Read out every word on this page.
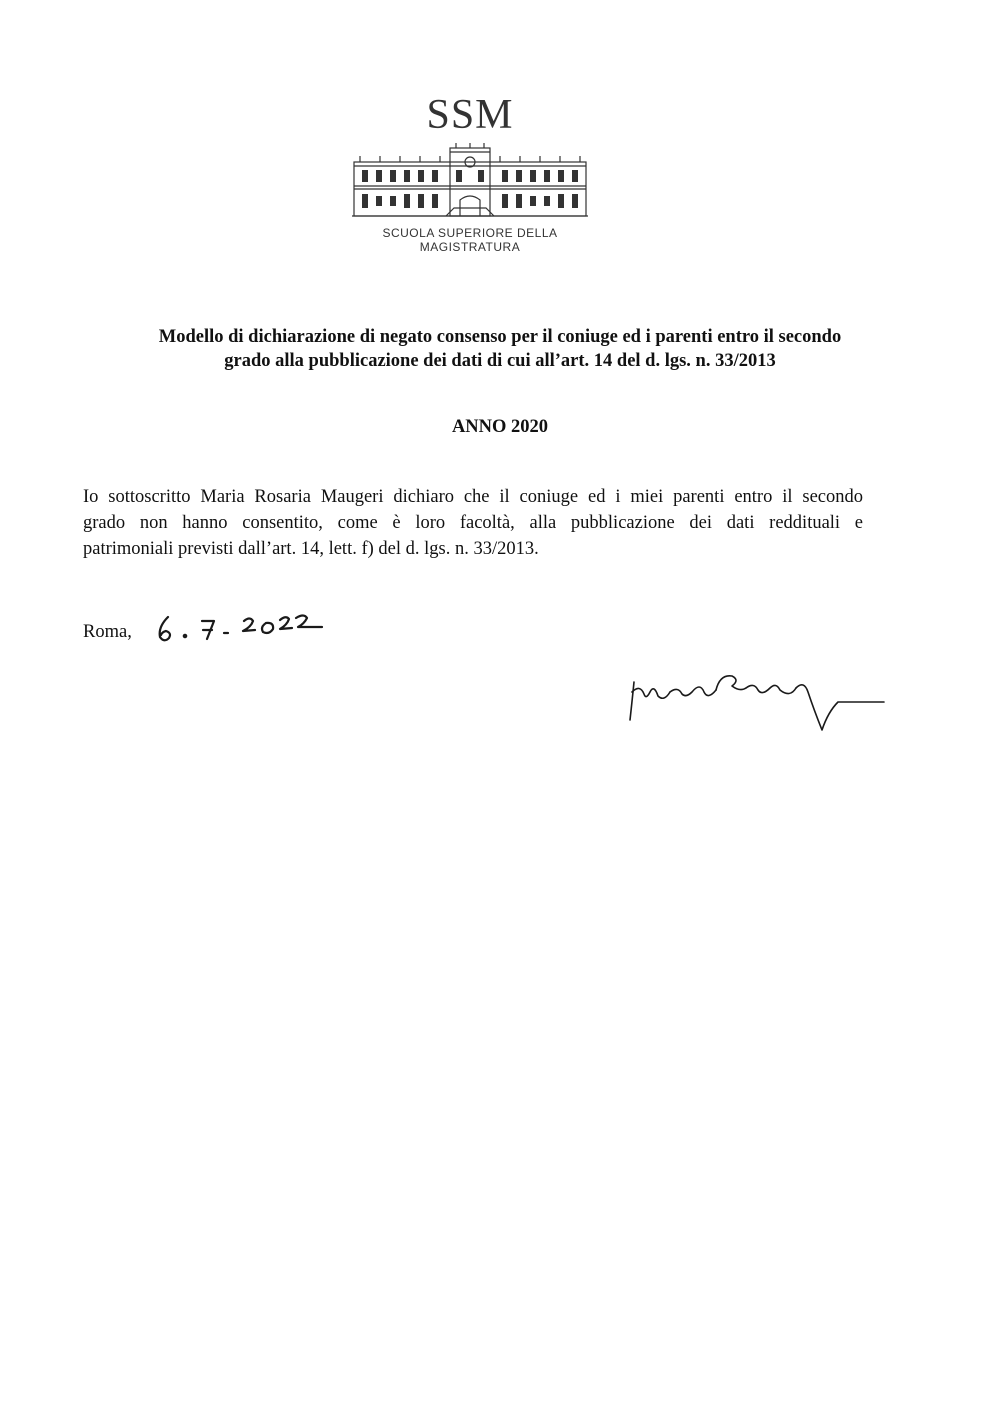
SSM
SCUOLA SUPERIORE DELLA MAGISTRATURA
Modello di dichiarazione di negato consenso per il coniuge ed i parenti entro il secondo
grado alla pubblicazione dei dati di cui all’art. 14 del d. lgs. n. 33/2013
ANNO 2020

Io sottoscritto Maria Rosaria Maugeri dichiaro che il coniuge ed i miei parenti entro il secondo
grado non hanno consentito, come è loro facoltà, alla pubblicazione dei dati reddituali e
patrimoniali previsti dall’art. 14, lett. f) del d. lgs. n. 33/2013.

Roma,
